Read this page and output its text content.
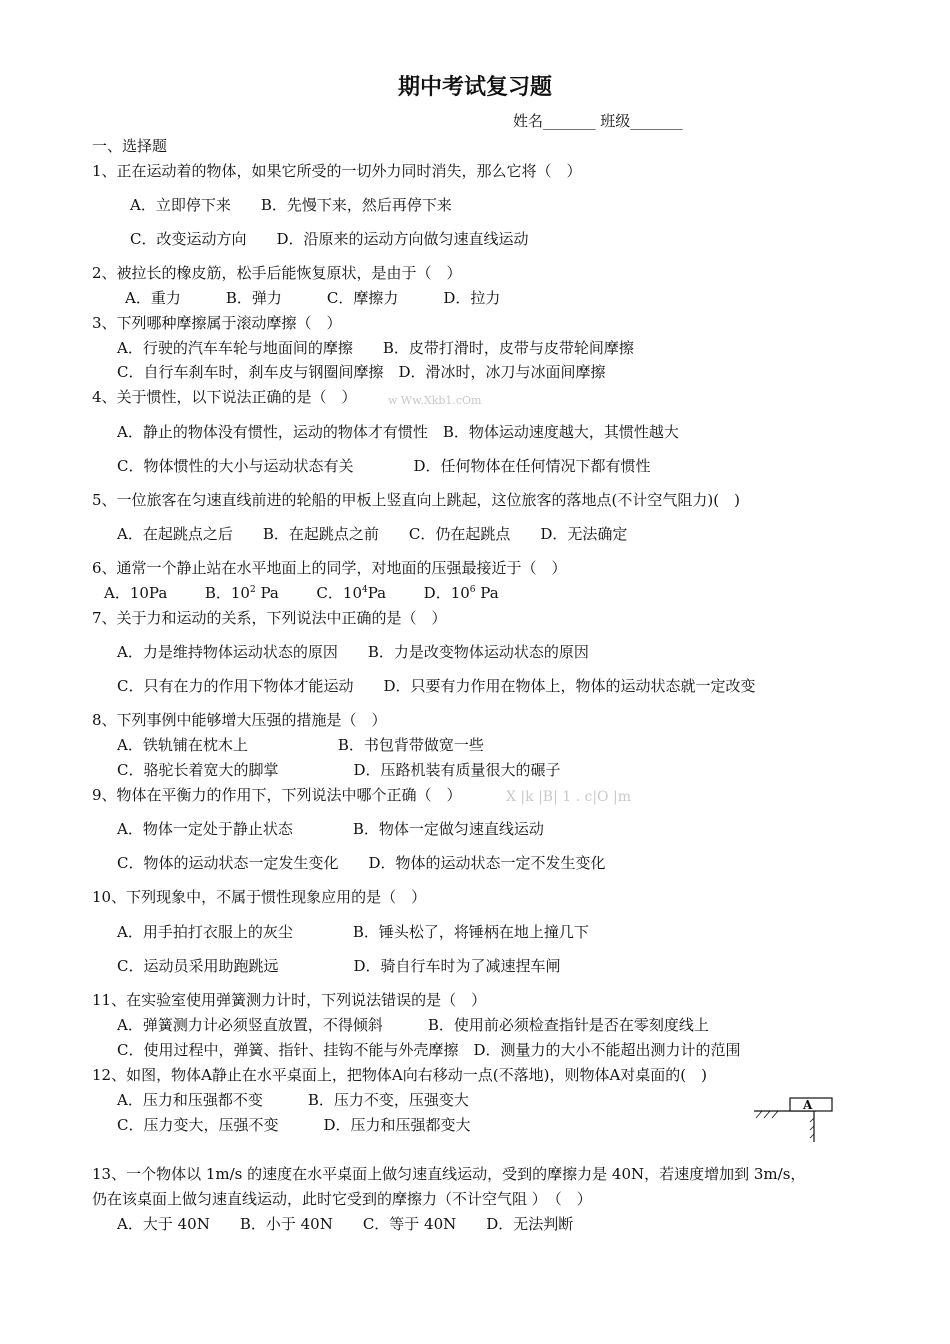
期中考试复习题
姓名_______ 班级_______
一、选择题
1、正在运动着的物体，如果它所受的一切外力同时消失，那么它将（　）
A．立即停下来　　B．先慢下来，然后再停下来
C．改变运动方向　　D．沿原来的运动方向做匀速直线运动
2、被拉长的橡皮筋，松手后能恢复原状，是由于（　）
A．重力　　　B．弹力　　　C．摩擦力　　　D．拉力
3、下列哪种摩擦属于滚动摩擦（　）
A．行驶的汽车车轮与地面间的摩擦　　B．皮带打滑时，皮带与皮带轮间摩擦
C．自行车刹车时，刹车皮与钢圈间摩擦　D．滑冰时，冰刀与冰面间摩擦
4、关于惯性，以下说法正确的是（　）	w Ww.Xkb1.cOm
A．静止的物体没有惯性，运动的物体才有惯性　B．物体运动速度越大，其惯性越大
C．物体惯性的大小与运动状态有关　　　　D．任何物体在任何情况下都有惯性
5、一位旅客在匀速直线前进的轮船的甲板上竖直向上跳起，这位旅客的落地点(不计空气阻力)(　)
A．在起跳点之后　　B．在起跳点之前　　C．仍在起跳点　　D．无法确定
6、通常一个静止站在水平地面上的同学，对地面的压强最接近于（　）
A．10Pa	B．$10^2$ Pa	C．$10^4Pa$	D．$10^6$ Pa
7、关于力和运动的关系，下列说法中正确的是（　）
A．力是维持物体运动状态的原因　　B．力是改变物体运动状态的原因
C．只有在力的作用下物体才能运动　　D．只要有力作用在物体上，物体的运动状态就一定改变
8、下列事例中能够增大压强的措施是（　）
A．铁轨铺在枕木上　　　　　　B．书包背带做宽一些
C．骆驼长着宽大的脚掌　　　　　D．压路机装有质量很大的碾子
9、物体在平衡力的作用下，下列说法中哪个正确（　）	X |k |B| 1 . c|O |m
A．物体一定处于静止状态　　　　B．物体一定做匀速直线运动
C．物体的运动状态一定发生变化　　D．物体的运动状态一定不发生变化
10、下列现象中，不属于惯性现象应用的是（　）
A．用手拍打衣服上的灰尘　　　　B．锤头松了，将锤柄在地上撞几下
C．运动员采用助跑跳远　　　　　D．骑自行车时为了减速捏车闸
11、在实验室使用弹簧测力计时，下列说法错误的是（　）
A．弹簧测力计必须竖直放置，不得倾斜　　　B．使用前必须检查指针是否在零刻度线上
C．使用过程中，弹簧、指针、挂钩不能与外壳摩擦　D．测量力的大小不能超出测力计的范围
12、如图，物体A静止在水平桌面上，把物体A向右移动一点(不落地)，则物体A对桌面的(　)
A．压力和压强都不变　　　B．压力不变，压强变大
C．压力变大，压强不变　　　D．压力和压强都变大
A
13、一个物体以 1m/s 的速度在水平桌面上做匀速直线运动，受到的摩擦力是 40N，若速度增加到 3m/s，
仍在该桌面上做匀速直线运动，此时它受到的摩擦力（不计空气阻 ）　（　）
A．大于 40N　　B．小于 40N　　C．等于 40N　　D．无法判断
